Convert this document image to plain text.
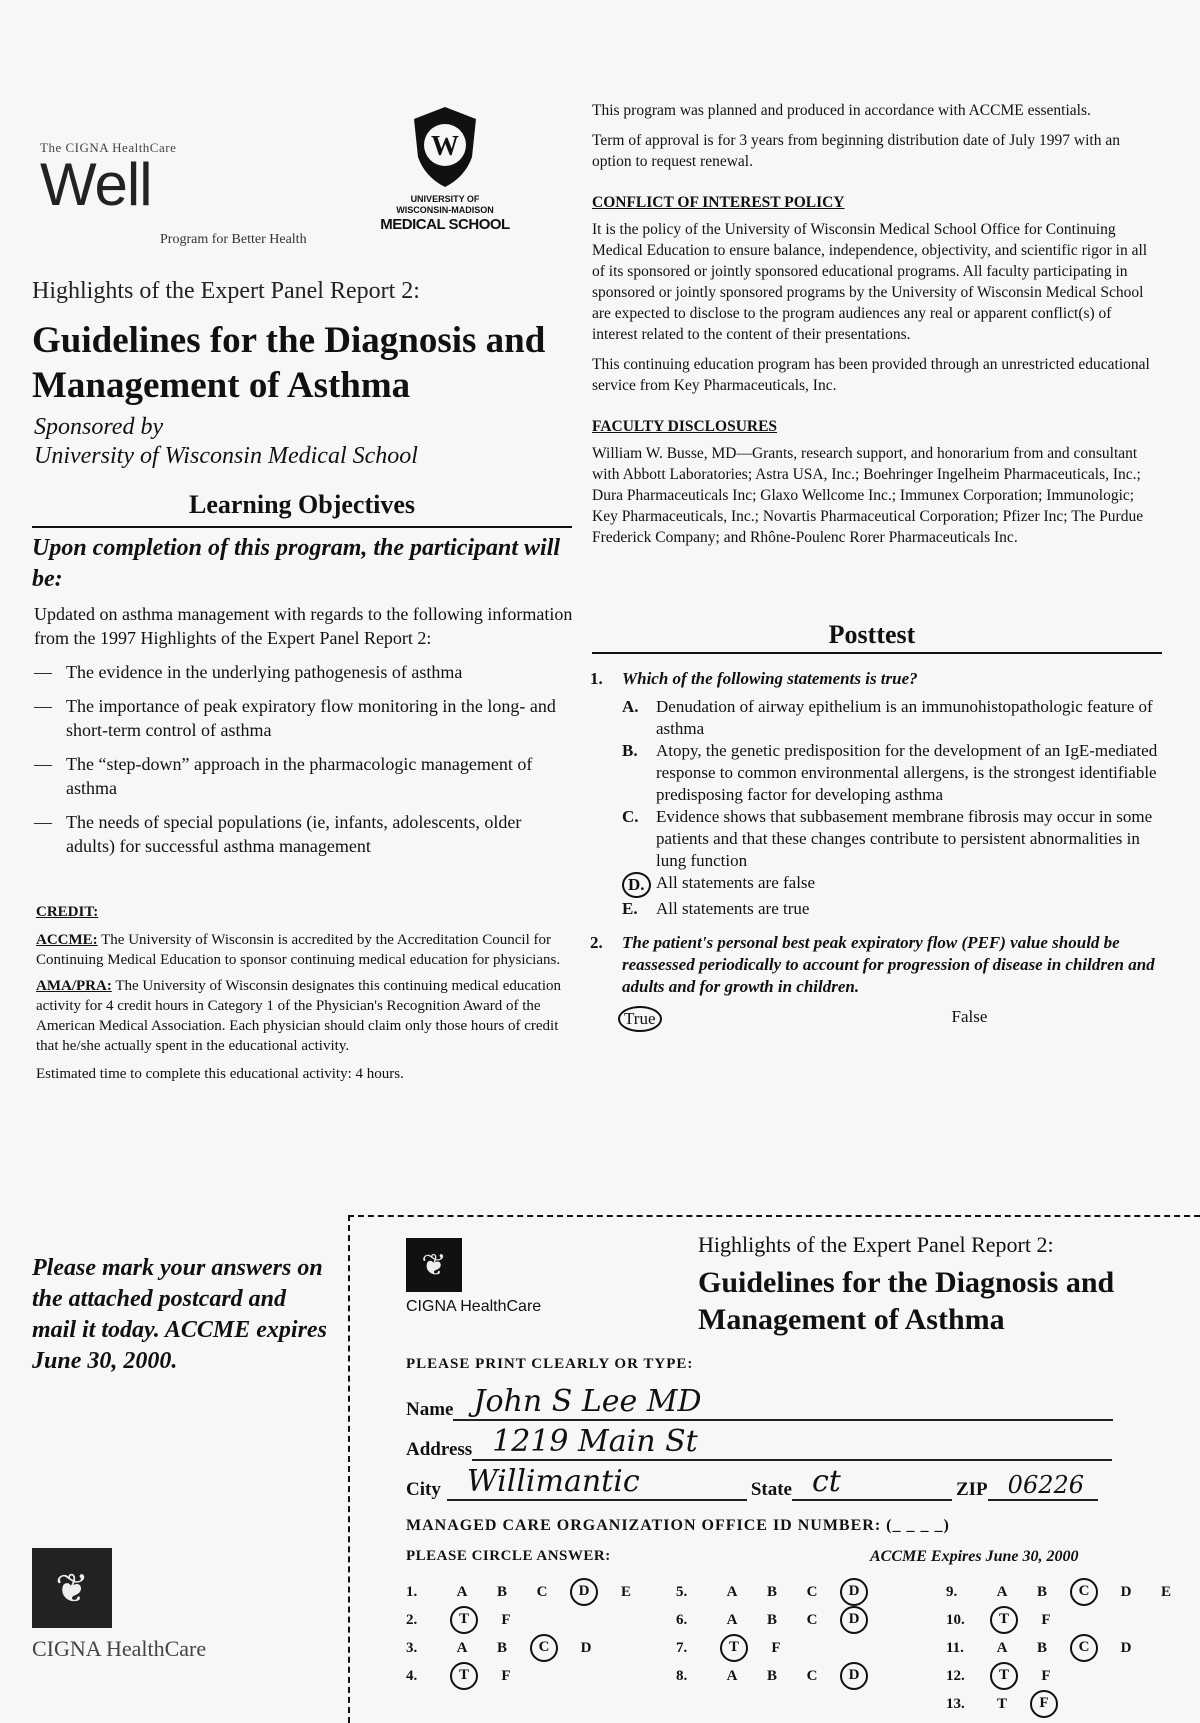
The CIGNA HealthCare
Well
Program for Better Health
W
UNIVERSITY OF
WISCONSIN-MADISON
MEDICAL SCHOOL
Highlights of the Expert Panel Report 2:
Guidelines for the Diagnosis and Management of Asthma
Sponsored by
University of Wisconsin Medical School
Learning Objectives
Upon completion of this program, the participant will be:
Updated on asthma management with regards to the following information from the 1997 Highlights of the Expert Panel Report 2:
— The evidence in the underlying pathogenesis of asthma
— The importance of peak expiratory flow monitoring in the long- and short-term control of asthma
— The “step-down” approach in the pharmacologic management of asthma
— The needs of special populations (ie, infants, adolescents, older adults) for successful asthma management
CREDIT:
ACCME: The University of Wisconsin is accredited by the Accreditation Council for Continuing Medical Education to sponsor continuing medical education for physicians.
AMA/PRA: The University of Wisconsin designates this continuing medical education activity for 4 credit hours in Category 1 of the Physician's Recognition Award of the American Medical Association. Each physician should claim only those hours of credit that he/she actually spent in the educational activity.
Estimated time to complete this educational activity: 4 hours.

This program was planned and produced in accordance with ACCME essentials.

Term of approval is for 3 years from beginning distribution date of July 1997 with an option to request renewal.

CONFLICT OF INTEREST POLICY

It is the policy of the University of Wisconsin Medical School Office for Continuing Medical Education to ensure balance, independence, objectivity, and scientific rigor in all of its sponsored or jointly sponsored educational programs. All faculty participating in sponsored or jointly sponsored programs by the University of Wisconsin Medical School are expected to disclose to the program audiences any real or apparent conflict(s) of interest related to the content of their presentations.

This continuing education program has been provided through an unrestricted educational service from Key Pharmaceuticals, Inc.

FACULTY DISCLOSURES

William W. Busse, MD—Grants, research support, and honorarium from and consultant with Abbott Laboratories; Astra USA, Inc.; Boehringer Ingelheim Pharmaceuticals, Inc.; Dura Pharmaceuticals Inc; Glaxo Wellcome Inc.; Immunex Corporation; Immunologic; Key Pharmaceuticals, Inc.; Novartis Pharmaceutical Corporation; Pfizer Inc; The Purdue Frederick Company; and Rhône-Poulenc Rorer Pharmaceuticals Inc.

Posttest
1.	Which of the following statements is true?
A.	Denudation of airway epithelium is an immunohistopathologic feature of asthma
B.	Atopy, the genetic predisposition for the development of an IgE-mediated response to common environmental allergens, is the strongest identifiable predisposing factor for developing asthma
C.	Evidence shows that subbasement membrane fibrosis may occur in some patients and that these changes contribute to persistent abnormalities in lung function
D. All statements are false
E.	All statements are true
2.	The patient's personal best peak expiratory flow (PEF) value should be reassessed periodically to account for progression of disease in children and adults and for growth in children.
True	False
Please mark your answers on the attached postcard and mail it today. ACCME expires June 30, 2000.
❦
CIGNA HealthCare
❦
CIGNA HealthCare
Highlights of the Expert Panel Report 2:
Guidelines for the Diagnosis and Management of Asthma
PLEASE PRINT CLEARLY OR TYPE:
Name John S Lee MD
Address 1219 Main St
City Willimantic	State ct	ZIP 06226
MANAGED CARE ORGANIZATION OFFICE ID NUMBER: (_ _ _ _)
PLEASE CIRCLE ANSWER:	ACCME Expires June 30, 2000
1.	A	B	C	D	E
2.	T	F
3.	A	B	C	D
4.	T	F
5.	A	B	C	D
6.	A	B	C	D
7.	T	F
8.	A	B	C	D
9.	A	B	C	D	E
10.	T	F
11.	A	B	C	D
12.	T	F
13.	T	F
